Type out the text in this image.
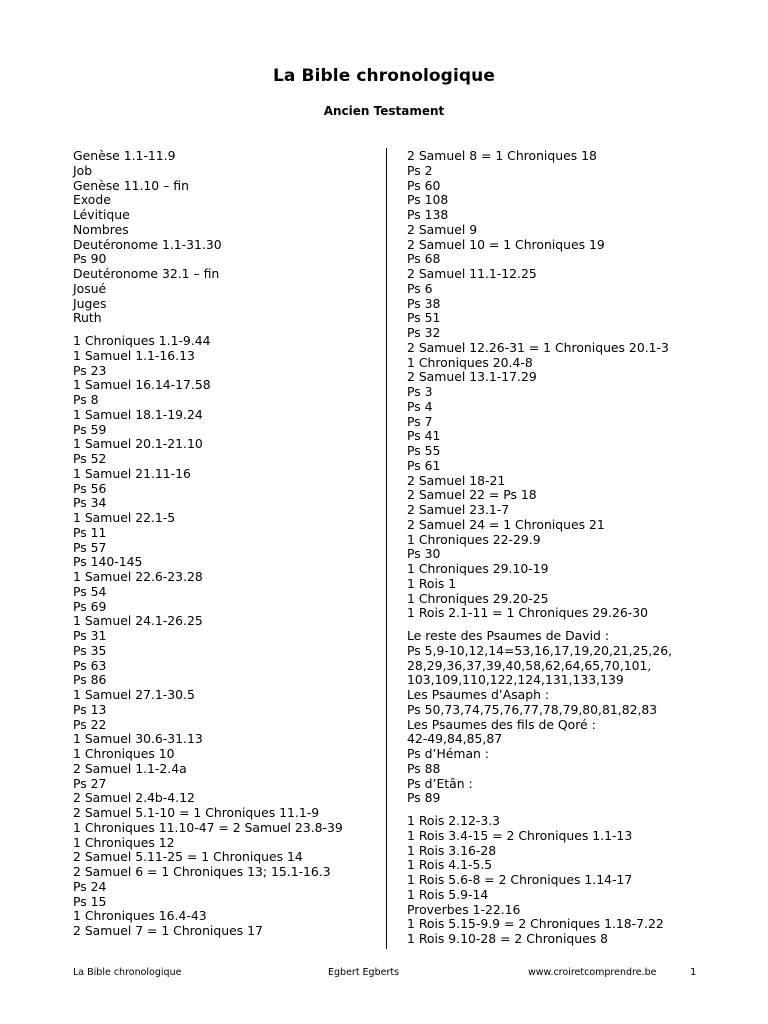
La Bible chronologique
Ancien Testament
Genèse 1.1-11.9
Job
Genèse 11.10 – fin
Exode
Lévitique
Nombres
Deutéronome 1.1-31.30
Ps 90
Deutéronome 32.1 – fin
Josué
Juges
Ruth
1 Chroniques 1.1-9.44
1 Samuel 1.1-16.13
Ps 23
1 Samuel 16.14-17.58
Ps 8
1 Samuel 18.1-19.24
Ps 59
1 Samuel 20.1-21.10
Ps 52
1 Samuel 21.11-16
Ps 56
Ps 34
1 Samuel 22.1-5
Ps 11
Ps 57
Ps 140-145
1 Samuel 22.6-23.28
Ps 54
Ps 69
1 Samuel 24.1-26.25
Ps 31
Ps 35
Ps 63
Ps 86
1 Samuel 27.1-30.5
Ps 13
Ps 22
1 Samuel 30.6-31.13
1 Chroniques 10
2 Samuel 1.1-2.4a
Ps 27
2 Samuel 2.4b-4.12
2 Samuel 5.1-10 = 1 Chroniques 11.1-9
1 Chroniques 11.10-47 = 2 Samuel 23.8-39
1 Chroniques 12
2 Samuel 5.11-25 = 1 Chroniques 14
2 Samuel 6 = 1 Chroniques 13; 15.1-16.3
Ps 24
Ps 15
1 Chroniques 16.4-43
2 Samuel 7 = 1 Chroniques 17
2 Samuel 8 = 1 Chroniques 18
Ps 2
Ps 60
Ps 108
Ps 138
2 Samuel 9
2 Samuel 10 = 1 Chroniques 19
Ps 68
2 Samuel 11.1-12.25
Ps 6
Ps 38
Ps 51
Ps 32
2 Samuel 12.26-31 = 1 Chroniques 20.1-3
1 Chroniques 20.4-8
2 Samuel 13.1-17.29
Ps 3
Ps 4
Ps 7
Ps 41
Ps 55
Ps 61
2 Samuel 18-21
2 Samuel 22 = Ps 18
2 Samuel 23.1-7
2 Samuel 24 = 1 Chroniques 21
1 Chroniques 22-29.9
Ps 30
1 Chroniques 29.10-19
1 Rois 1
1 Chroniques 29.20-25
1 Rois 2.1-11 = 1 Chroniques 29.26-30
Le reste des Psaumes de David :
Ps 5,9-10,12,14=53,16,17,19,20,21,25,26,
28,29,36,37,39,40,58,62,64,65,70,101,
103,109,110,122,124,131,133,139
Les Psaumes d’Asaph :
Ps 50,73,74,75,76,77,78,79,80,81,82,83
Les Psaumes des fils de Qoré :
42-49,84,85,87
Ps d’Héman :
Ps 88
Ps d’Etân :
Ps 89
1 Rois 2.12-3.3
1 Rois 3.4-15 = 2 Chroniques 1.1-13
1 Rois 3.16-28
1 Rois 4.1-5.5
1 Rois 5.6-8 = 2 Chroniques 1.14-17
1 Rois 5.9-14
Proverbes 1-22.16
1 Rois 5.15-9.9 = 2 Chroniques 1.18-7.22
1 Rois 9.10-28 = 2 Chroniques 8
La Bible chronologique	Egbert Egberts	www.croiretcomprendre.be	1
